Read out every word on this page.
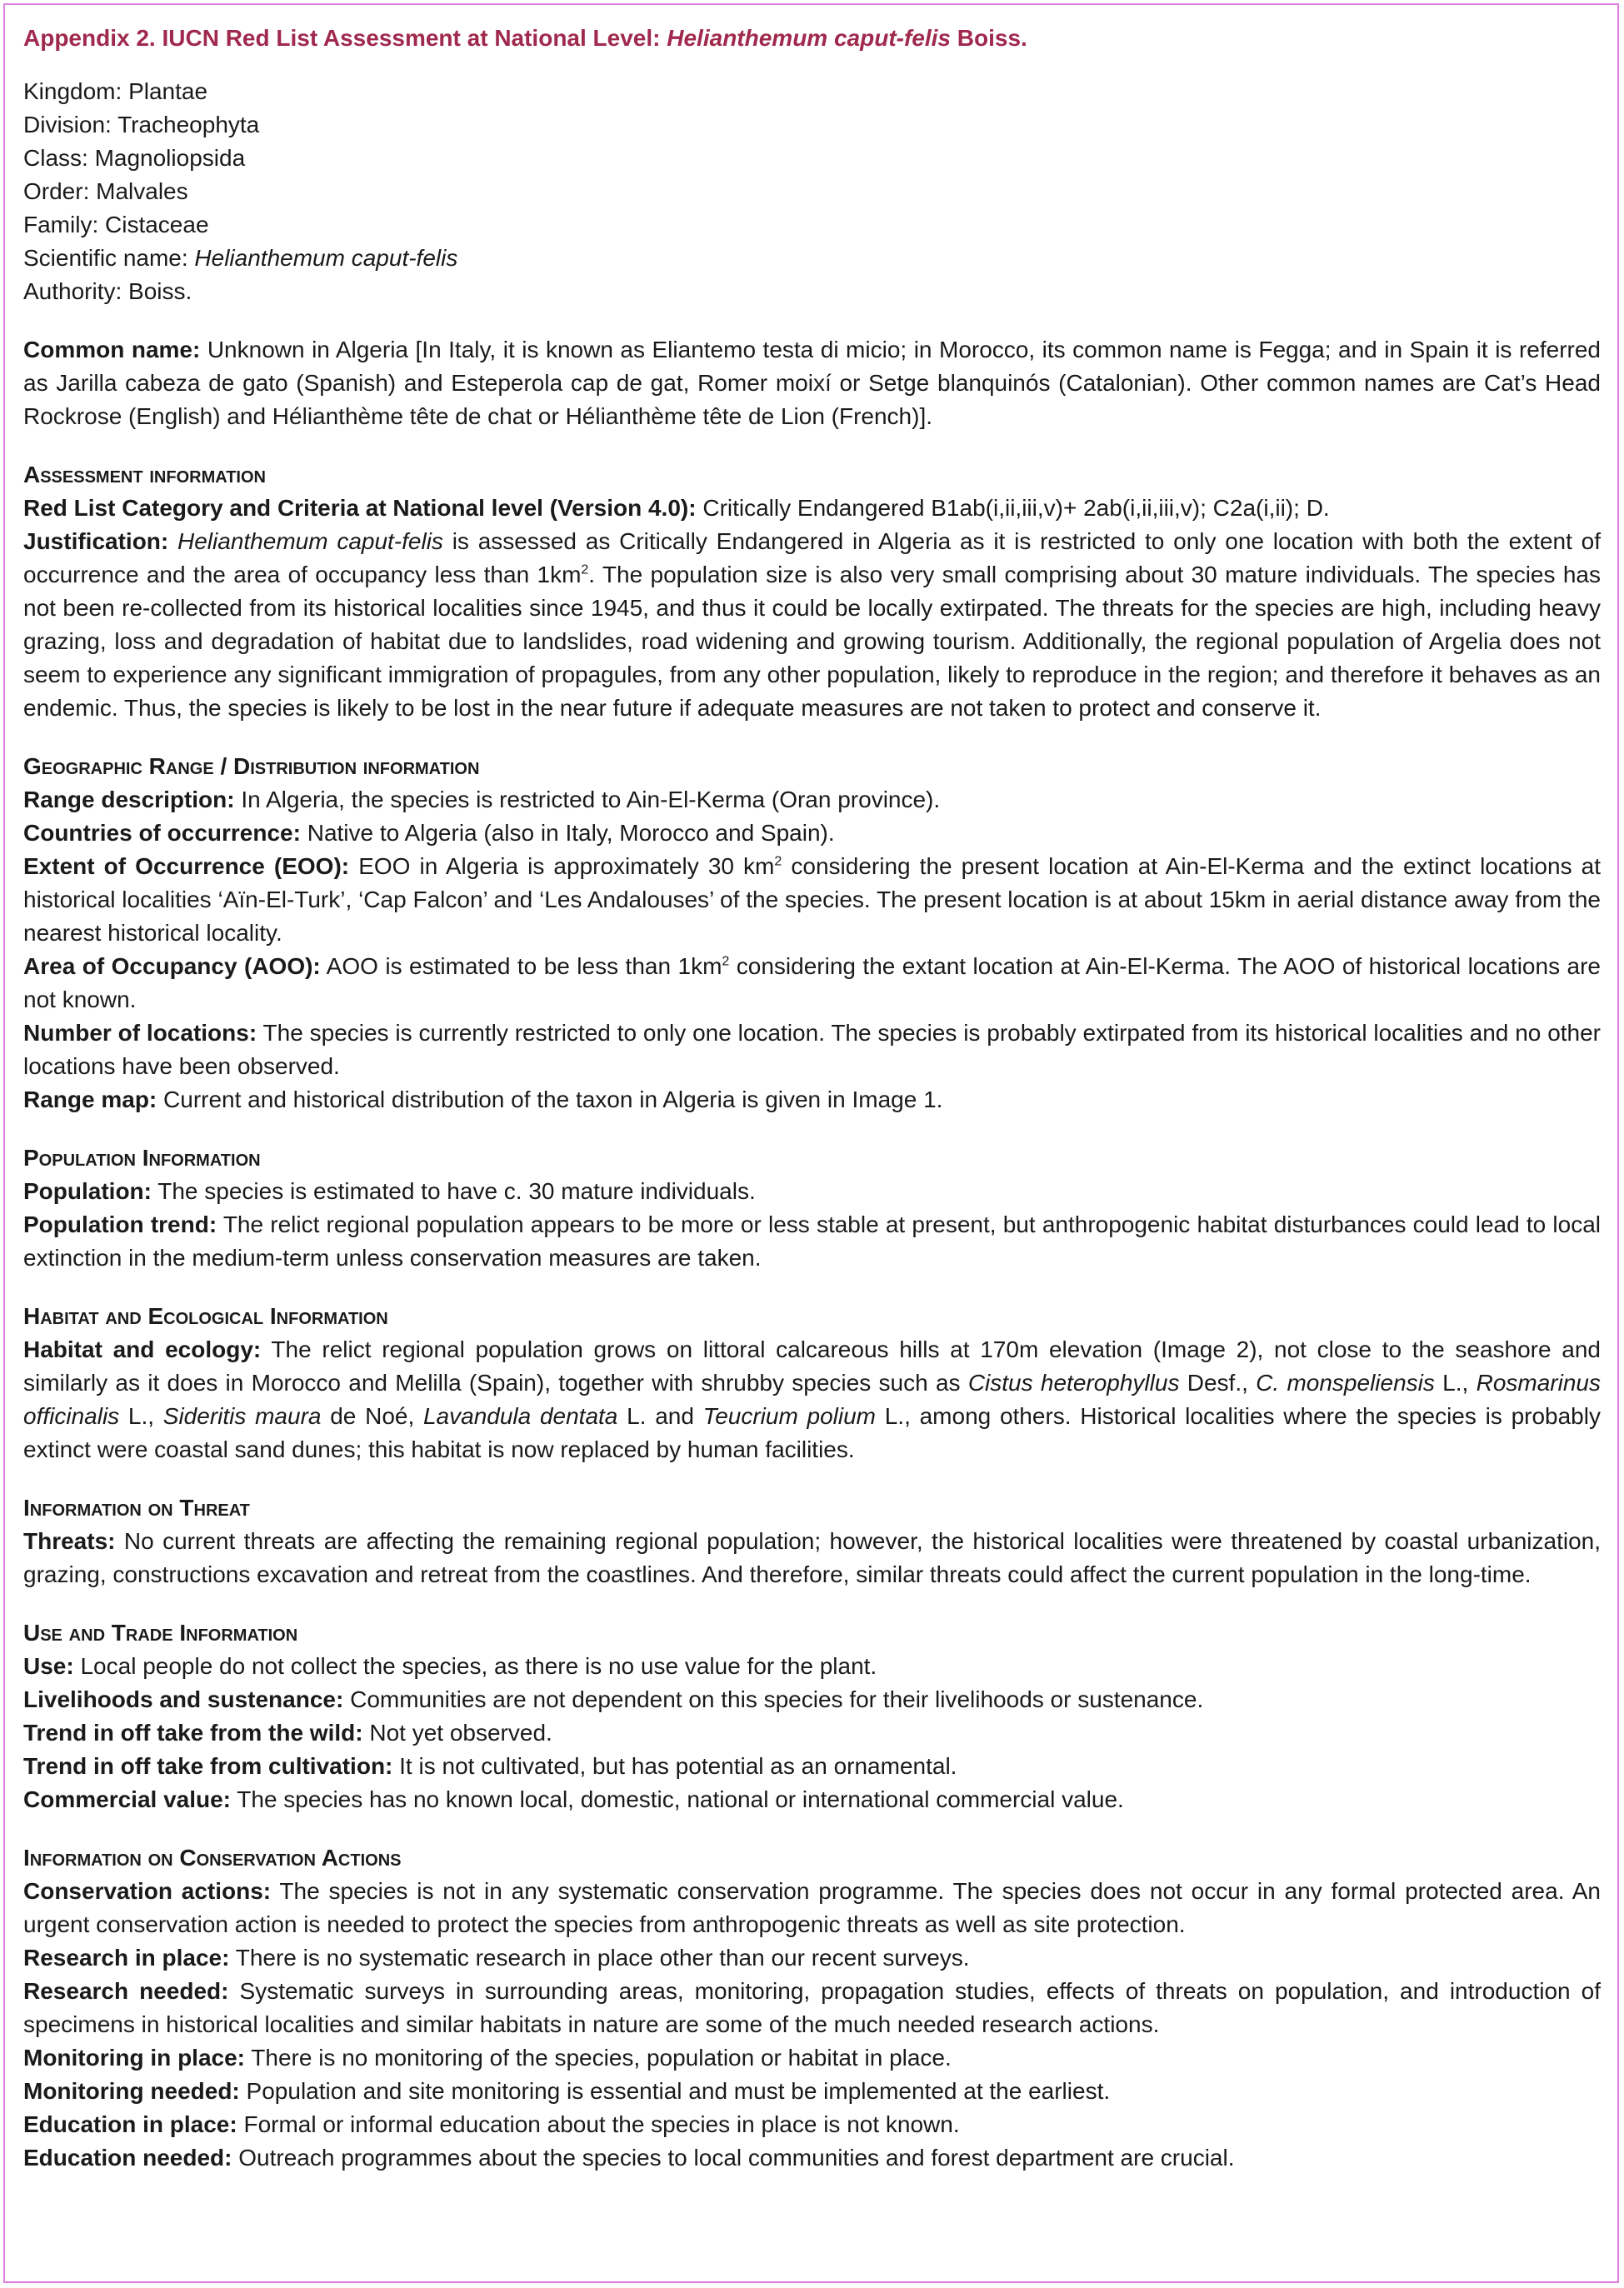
Appendix 2. IUCN Red List Assessment at National Level: Helianthemum caput-felis Boiss.

Kingdom: Plantae

Division: Tracheophyta

Class: Magnoliopsida

Order: Malvales

Family: Cistaceae

Scientific name: Helianthemum caput-felis

Authority: Boiss.

Common name: Unknown in Algeria [In Italy, it is known as Eliantemo testa di micio; in Morocco, its common name is Fegga; and in Spain it is referred as Jarilla cabeza de gato (Spanish) and Esteperola cap de gat, Romer moixí or Setge blanquinós (Catalonian). Other common names are Cat’s Head Rockrose (English) and Hélianthème tête de chat or Hélianthème tête de Lion (French)].

Assessment information

Red List Category and Criteria at National level (Version 4.0): Critically Endangered B1ab(i,ii,iii,v)+ 2ab(i,ii,iii,v); C2a(i,ii); D.

Justification: Helianthemum caput-felis is assessed as Critically Endangered in Algeria as it is restricted to only one location with both the extent of occurrence and the area of occupancy less than $1km^2$. The population size is also very small comprising about 30 mature individuals. The species has not been re-collected from its historical localities since 1945, and thus it could be locally extirpated. The threats for the species are high, including heavy grazing, loss and degradation of habitat due to landslides, road widening and growing tourism. Additionally, the regional population of Argelia does not seem to experience any significant immigration of propagules, from any other population, likely to reproduce in the region; and therefore it behaves as an endemic. Thus, the species is likely to be lost in the near future if adequate measures are not taken to protect and conserve it.

Geographic Range / Distribution information

Range description: In Algeria, the species is restricted to Ain-El-Kerma (Oran province).

Countries of occurrence: Native to Algeria (also in Italy, Morocco and Spain).

Extent of Occurrence (EOO): EOO in Algeria is approximately 30 $km^2$ considering the present location at Ain-El-Kerma and the extinct locations at historical localities ‘Aïn-El-Turk’, ‘Cap Falcon’ and ‘Les Andalouses’ of the species. The present location is at about 15km in aerial distance away from the nearest historical locality.

Area of Occupancy (AOO): AOO is estimated to be less than $1km^2$ considering the extant location at Ain-El-Kerma. The AOO of historical locations are not known.

Number of locations: The species is currently restricted to only one location. The species is probably extirpated from its historical localities and no other locations have been observed.

Range map: Current and historical distribution of the taxon in Algeria is given in Image 1.

Population Information

Population: The species is estimated to have c. 30 mature individuals.

Population trend: The relict regional population appears to be more or less stable at present, but anthropogenic habitat disturbances could lead to local extinction in the medium-term unless conservation measures are taken.

Habitat and Ecological Information

Habitat and ecology: The relict regional population grows on littoral calcareous hills at 170m elevation (Image 2), not close to the seashore and similarly as it does in Morocco and Melilla (Spain), together with shrubby species such as Cistus heterophyllus Desf., C. monspeliensis L., Rosmarinus officinalis L., Sideritis maura de Noé, Lavandula dentata L. and Teucrium polium L., among others. Historical localities where the species is probably extinct were coastal sand dunes; this habitat is now replaced by human facilities.

Information on Threat

Threats: No current threats are affecting the remaining regional population; however, the historical localities were threatened by coastal urbanization, grazing, constructions excavation and retreat from the coastlines. And therefore, similar threats could affect the current population in the long-time.

Use and Trade Information

Use: Local people do not collect the species, as there is no use value for the plant.

Livelihoods and sustenance: Communities are not dependent on this species for their livelihoods or sustenance.

Trend in off take from the wild: Not yet observed.

Trend in off take from cultivation: It is not cultivated, but has potential as an ornamental.

Commercial value: The species has no known local, domestic, national or international commercial value.

Information on Conservation Actions

Conservation actions: The species is not in any systematic conservation programme. The species does not occur in any formal protected area. An urgent conservation action is needed to protect the species from anthropogenic threats as well as site protection.

Research in place: There is no systematic research in place other than our recent surveys.

Research needed: Systematic surveys in surrounding areas, monitoring, propagation studies, effects of threats on population, and introduction of specimens in historical localities and similar habitats in nature are some of the much needed research actions.

Monitoring in place: There is no monitoring of the species, population or habitat in place.

Monitoring needed: Population and site monitoring is essential and must be implemented at the earliest.

Education in place: Formal or informal education about the species in place is not known.

Education needed: Outreach programmes about the species to local communities and forest department are crucial.
